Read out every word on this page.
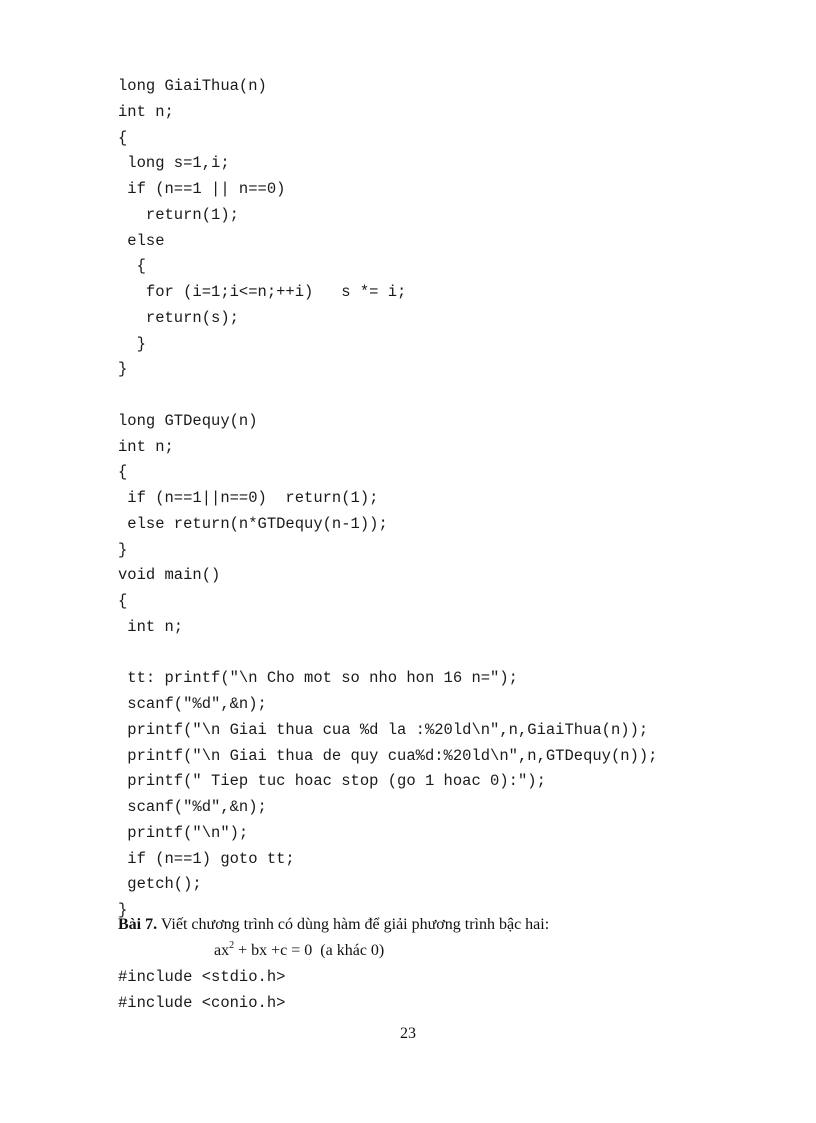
long GiaiThua(n)
int n;
{
long s=1,i;
if (n==1 || n==0)
return(1);
else
{
for (i=1;i<=n;++i)   s *= i;
return(s);
}
}
long GTDequy(n)
int n;
{
if (n==1||n==0)  return(1);
else return(n*GTDequy(n-1));
}
void main()
{
int n;
tt: printf("\n Cho mot so nho hon 16 n=");
scanf("%d",&n);
printf("\n Giai thua cua %d la :%20ld\n",n,GiaiThua(n));
printf("\n Giai thua de quy cua%d:%20ld\n",n,GTDequy(n));
printf(" Tiep tuc hoac stop (go 1 hoac 0):");
scanf("%d",&n);
printf("\n");
if (n==1) goto tt;
getch();
}
Bài 7. Viết chương trình có dùng hàm để giải phương trình bậc hai:
$ax^2$ + bx +c = 0  (a khác 0)
#include <stdio.h>
#include <conio.h>
23
